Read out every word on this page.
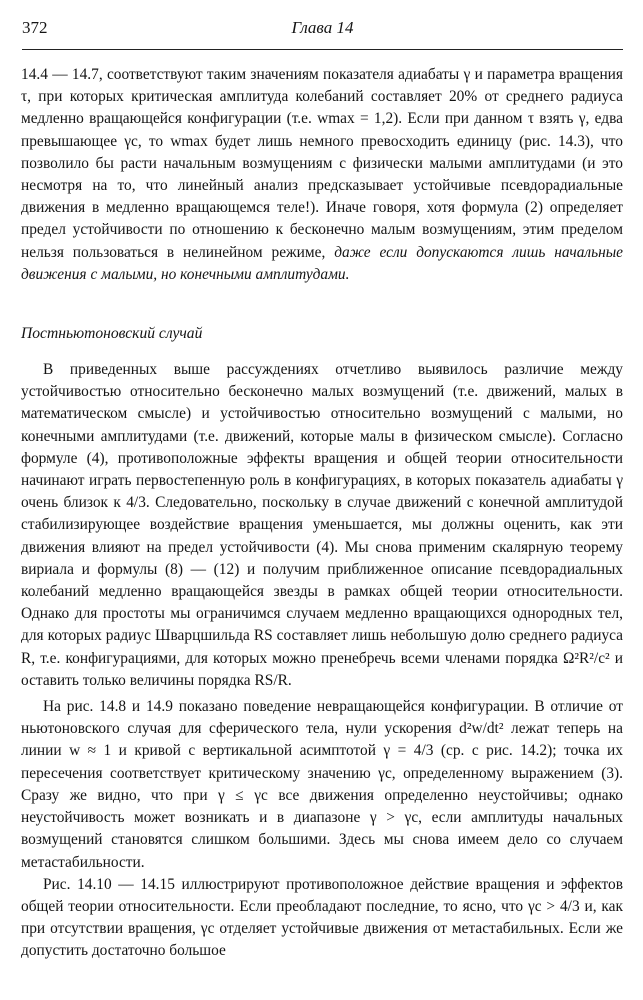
372	Глава 14

14.4 — 14.7, соответствуют таким значениям показателя адиабаты γ и параметра вращения τ, при которых критическая амплитуда колебаний составляет 20% от среднего радиуса медленно вращающейся конфигурации (т.е. wmax = 1,2). Если при данном τ взять γ, едва превышающее γc, то wmax будет лишь немного превосходить единицу (рис. 14.3), что позволило бы расти начальным возмущениям с физически малыми амплитудами (и это несмотря на то, что линейный анализ предсказывает устойчивые псевдорадиальные движения в медленно вращающемся теле!). Иначе говоря, хотя формула (2) определяет предел устойчивости по отношению к бесконечно малым возмущениям, этим пределом нельзя пользоваться в нелинейном режиме, даже если допускаются лишь начальные движения с малыми, но конечными амплитудами.

Постньютоновский случай

В приведенных выше рассуждениях отчетливо выявилось различие между устойчивостью относительно бесконечно малых возмущений (т.е. движений, малых в математическом смысле) и устойчивостью относительно возмущений с малыми, но конечными амплитудами (т.е. движений, которые малы в физическом смысле). Согласно формуле (4), противоположные эффекты вращения и общей теории относительности начинают играть первостепенную роль в конфигурациях, в которых показатель адиабаты γ очень близок к 4/3. Следовательно, поскольку в случае движений с конечной амплитудой стабилизирующее воздействие вращения уменьшается, мы должны оценить, как эти движения влияют на предел устойчивости (4). Мы снова применим скалярную теорему вириала и формулы (8) — (12) и получим приближенное описание псевдорадиальных колебаний медленно вращающейся звезды в рамках общей теории относительности. Однако для простоты мы ограничимся случаем медленно вращающихся однородных тел, для которых радиус Шварцшильда RS составляет лишь небольшую долю среднего радиуса R, т.е. конфигурациями, для которых можно пренебречь всеми членами порядка Ω²R²/c² и оставить только величины порядка RS/R.

На рис. 14.8 и 14.9 показано поведение невращающейся конфигурации. В отличие от ньютоновского случая для сферического тела, нули ускорения d²w/dt² лежат теперь на линии w ≈ 1 и кривой с вертикальной асимптотой γ = 4/3 (ср. с рис. 14.2); точка их пересечения соответствует критическому значению γc, определенному выражением (3). Сразу же видно, что при γ ≤ γc все движения определенно неустойчивы; однако неустойчивость может возникать и в диапазоне γ > γc, если амплитуды начальных возмущений становятся слишком большими. Здесь мы снова имеем дело со случаем метастабильности.

Рис. 14.10 — 14.15 иллюстрируют противоположное действие вращения и эффектов общей теории относительности. Если преобладают последние, то ясно, что γc > 4/3 и, как при отсутствии вращения, γc отделяет устойчивые движения от метастабильных. Если же допустить достаточно большое
